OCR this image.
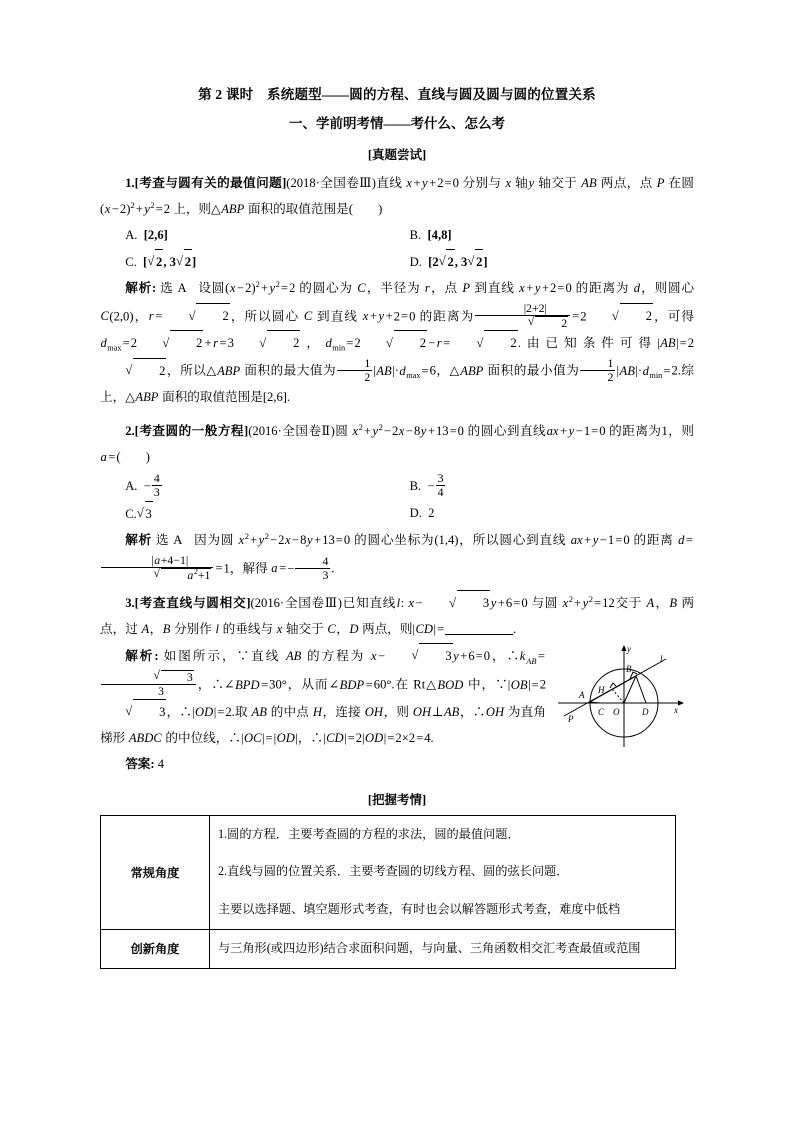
第 2 课时　系统题型——圆的方程、直线与圆及圆与圆的位置关系
一、学前明考情——考什么、怎么考
[真题尝试]
1.[考查与圆有关的最值问题](2018·全国卷Ⅲ)直线 x + y +2=0 分别与 x 轴y 轴交于 AB 两点，点 P 在圆$(x -2)^2+ y^2=2$ 上，则△ABP 面积的取值范围是(　　)
A.  [2,6]	B.  [4,8]
C.  [ √ 2, 3 √ 2]	D.  [2 √ 2, 3 √ 2]
解析: 选 A   设圆$(x -2)^2+ y^2=2$ 的圆心为 C，半径为 r，点 P 到直线 x + y +2=0 的距离为 d，则圆心 C(2,0)，r =	√ 2，所以圆心 C 到直线 x + y +2=0 的距离为 |2+2|
√ 2 =2	√ 2，可得 $d_{max}=2$	√ 2 + r =3	√ 2，$d_{min}=2$	√ 2 − r =	√ 2.由已知条件可得|AB|=2√ 2，所以△ABP 面积的最大值为 $\frac{1}{2} |AB|\cdot d_{max}=6$，△ABP 面积的最小值为 $\frac{1}{2} |AB|\cdot d_{min}=2$.综上，△ABP 面积的取值范围是[2,6].
2.[考查圆的一般方程](2016·全国卷Ⅱ)圆 $x^2+ y^2-2x -8y +13=0$ 的圆心到直线ax + y −1=0 的距离为1，则 a =(　　)
A.  − $\frac{4}{3}$	B.  − $\frac{3}{4}$
C. √ 3	D. 2
解析 选 A   因为圆 $x^2+ y^2-2x -8y +13=0$ 的圆心坐标为(1,4)，所以圆心到直线 ax + y −1=0 的距离 d =
|a+4−1|
√ $a^2+1 =1$，解得 $a =- \frac{4}{3}$ .
3.[考查直线与圆相交](2016·全国卷Ⅲ)已知直线l: x −	√ 3 y +6=0 与圆 $x^2+ y^2=12$交于 A，B 两点，过 A，B 分别作 l 的垂线与 x 轴交于 C，D 两点，则|CD|=	.
y
x
l
A
B
C	D
O
H
P
解析: 如图所示，∵直线 AB 的方程为 x −	√ 3 y +6=0，$\therefore k_{AB}$ =
√ $\frac{3}{3}$ ，∴∠BPD =30°，从而∠BDP =60°.在 Rt△BOD 中，∵|OB|=2√ 3，∴|OD|=2.取 AB 的中点 H，连接 OH，则 OH⊥AB，∴OH 为直角梯形 ABDC 的中位线，∴|OC|=|OD|，∴|CD|=2|OD|=2×2=4.
答案: 4
[把握考情]
常规角度	1.圆的方程．主要考查圆的方程的求法，圆的最值问题．
	2.直线与圆的位置关系．主要考查圆的切线方程、圆的弦长问题．
	主要以选择题、填空题形式考查，有时也会以解答题形式考查，难度中低档
创新角度	与三角形(或四边形)结合求面积问题，与向量、三角函数相交汇考查最值或范围
